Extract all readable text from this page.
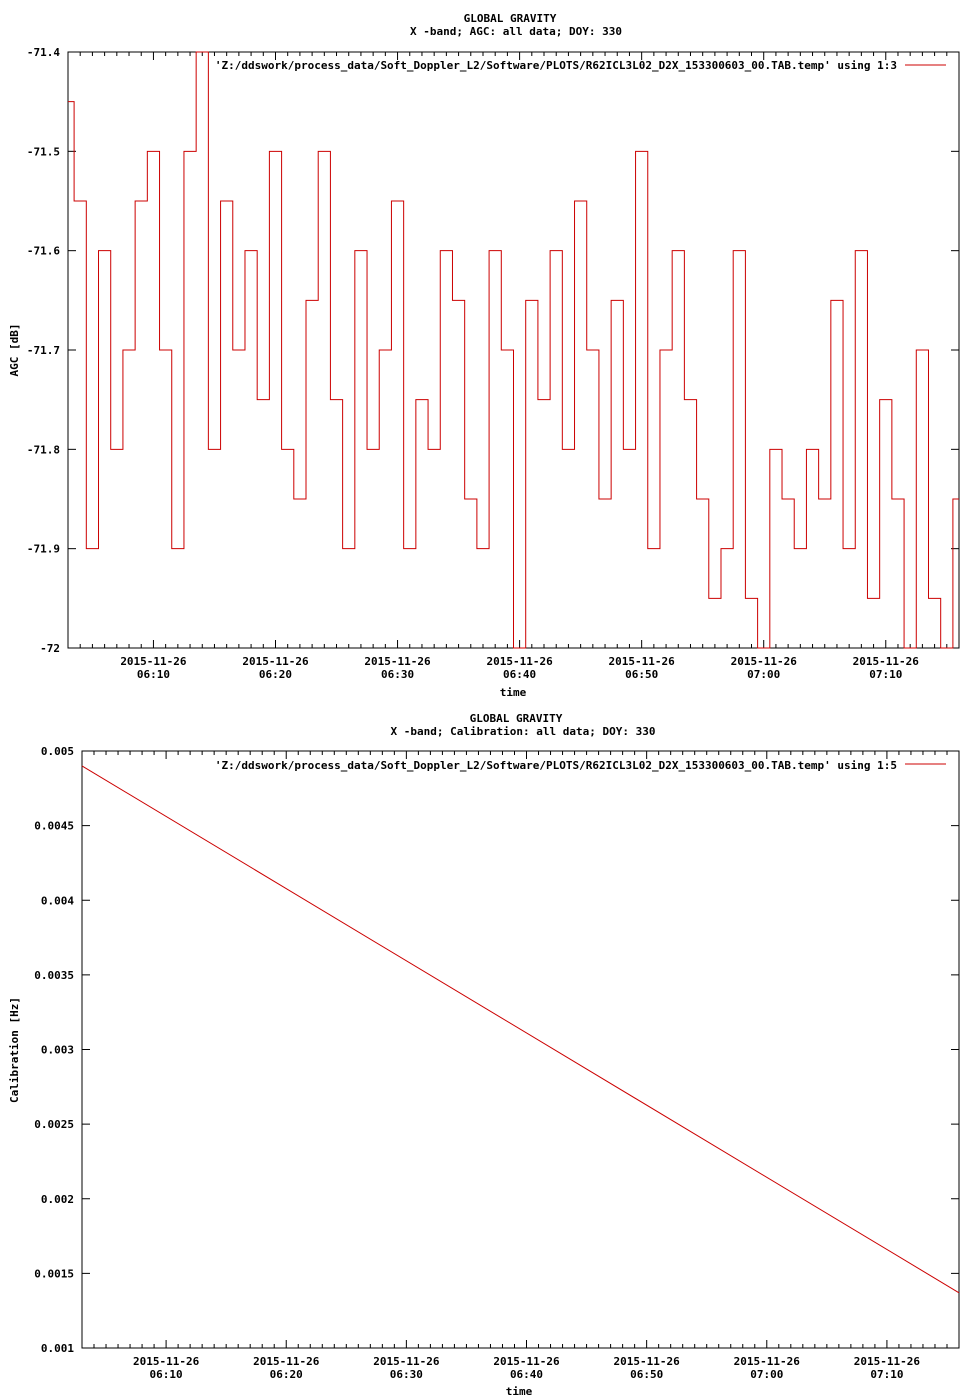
GLOBAL GRAVITY
X -band; AGC: all data; DOY: 330
-71.4
-71.5
-71.6
-71.7
-71.8
-71.9
-72
2015-11-26
06:10
2015-11-26
06:20
2015-11-26
06:30
2015-11-26
06:40
2015-11-26
06:50
2015-11-26
07:00
2015-11-26
07:10
AGC [dB]
time
'Z:/ddswork/process_data/Soft_Doppler_L2/Software/PLOTS/R62ICL3L02_D2X_153300603_00.TAB.temp' using 1:3
GLOBAL GRAVITY
X -band; Calibration: all data; DOY: 330
0.005
0.0045
0.004
0.0035
0.003
0.0025
0.002
0.0015
0.001
2015-11-26
06:10
2015-11-26
06:20
2015-11-26
06:30
2015-11-26
06:40
2015-11-26
06:50
2015-11-26
07:00
2015-11-26
07:10
Calibration [Hz]
time
'Z:/ddswork/process_data/Soft_Doppler_L2/Software/PLOTS/R62ICL3L02_D2X_153300603_00.TAB.temp' using 1:5
